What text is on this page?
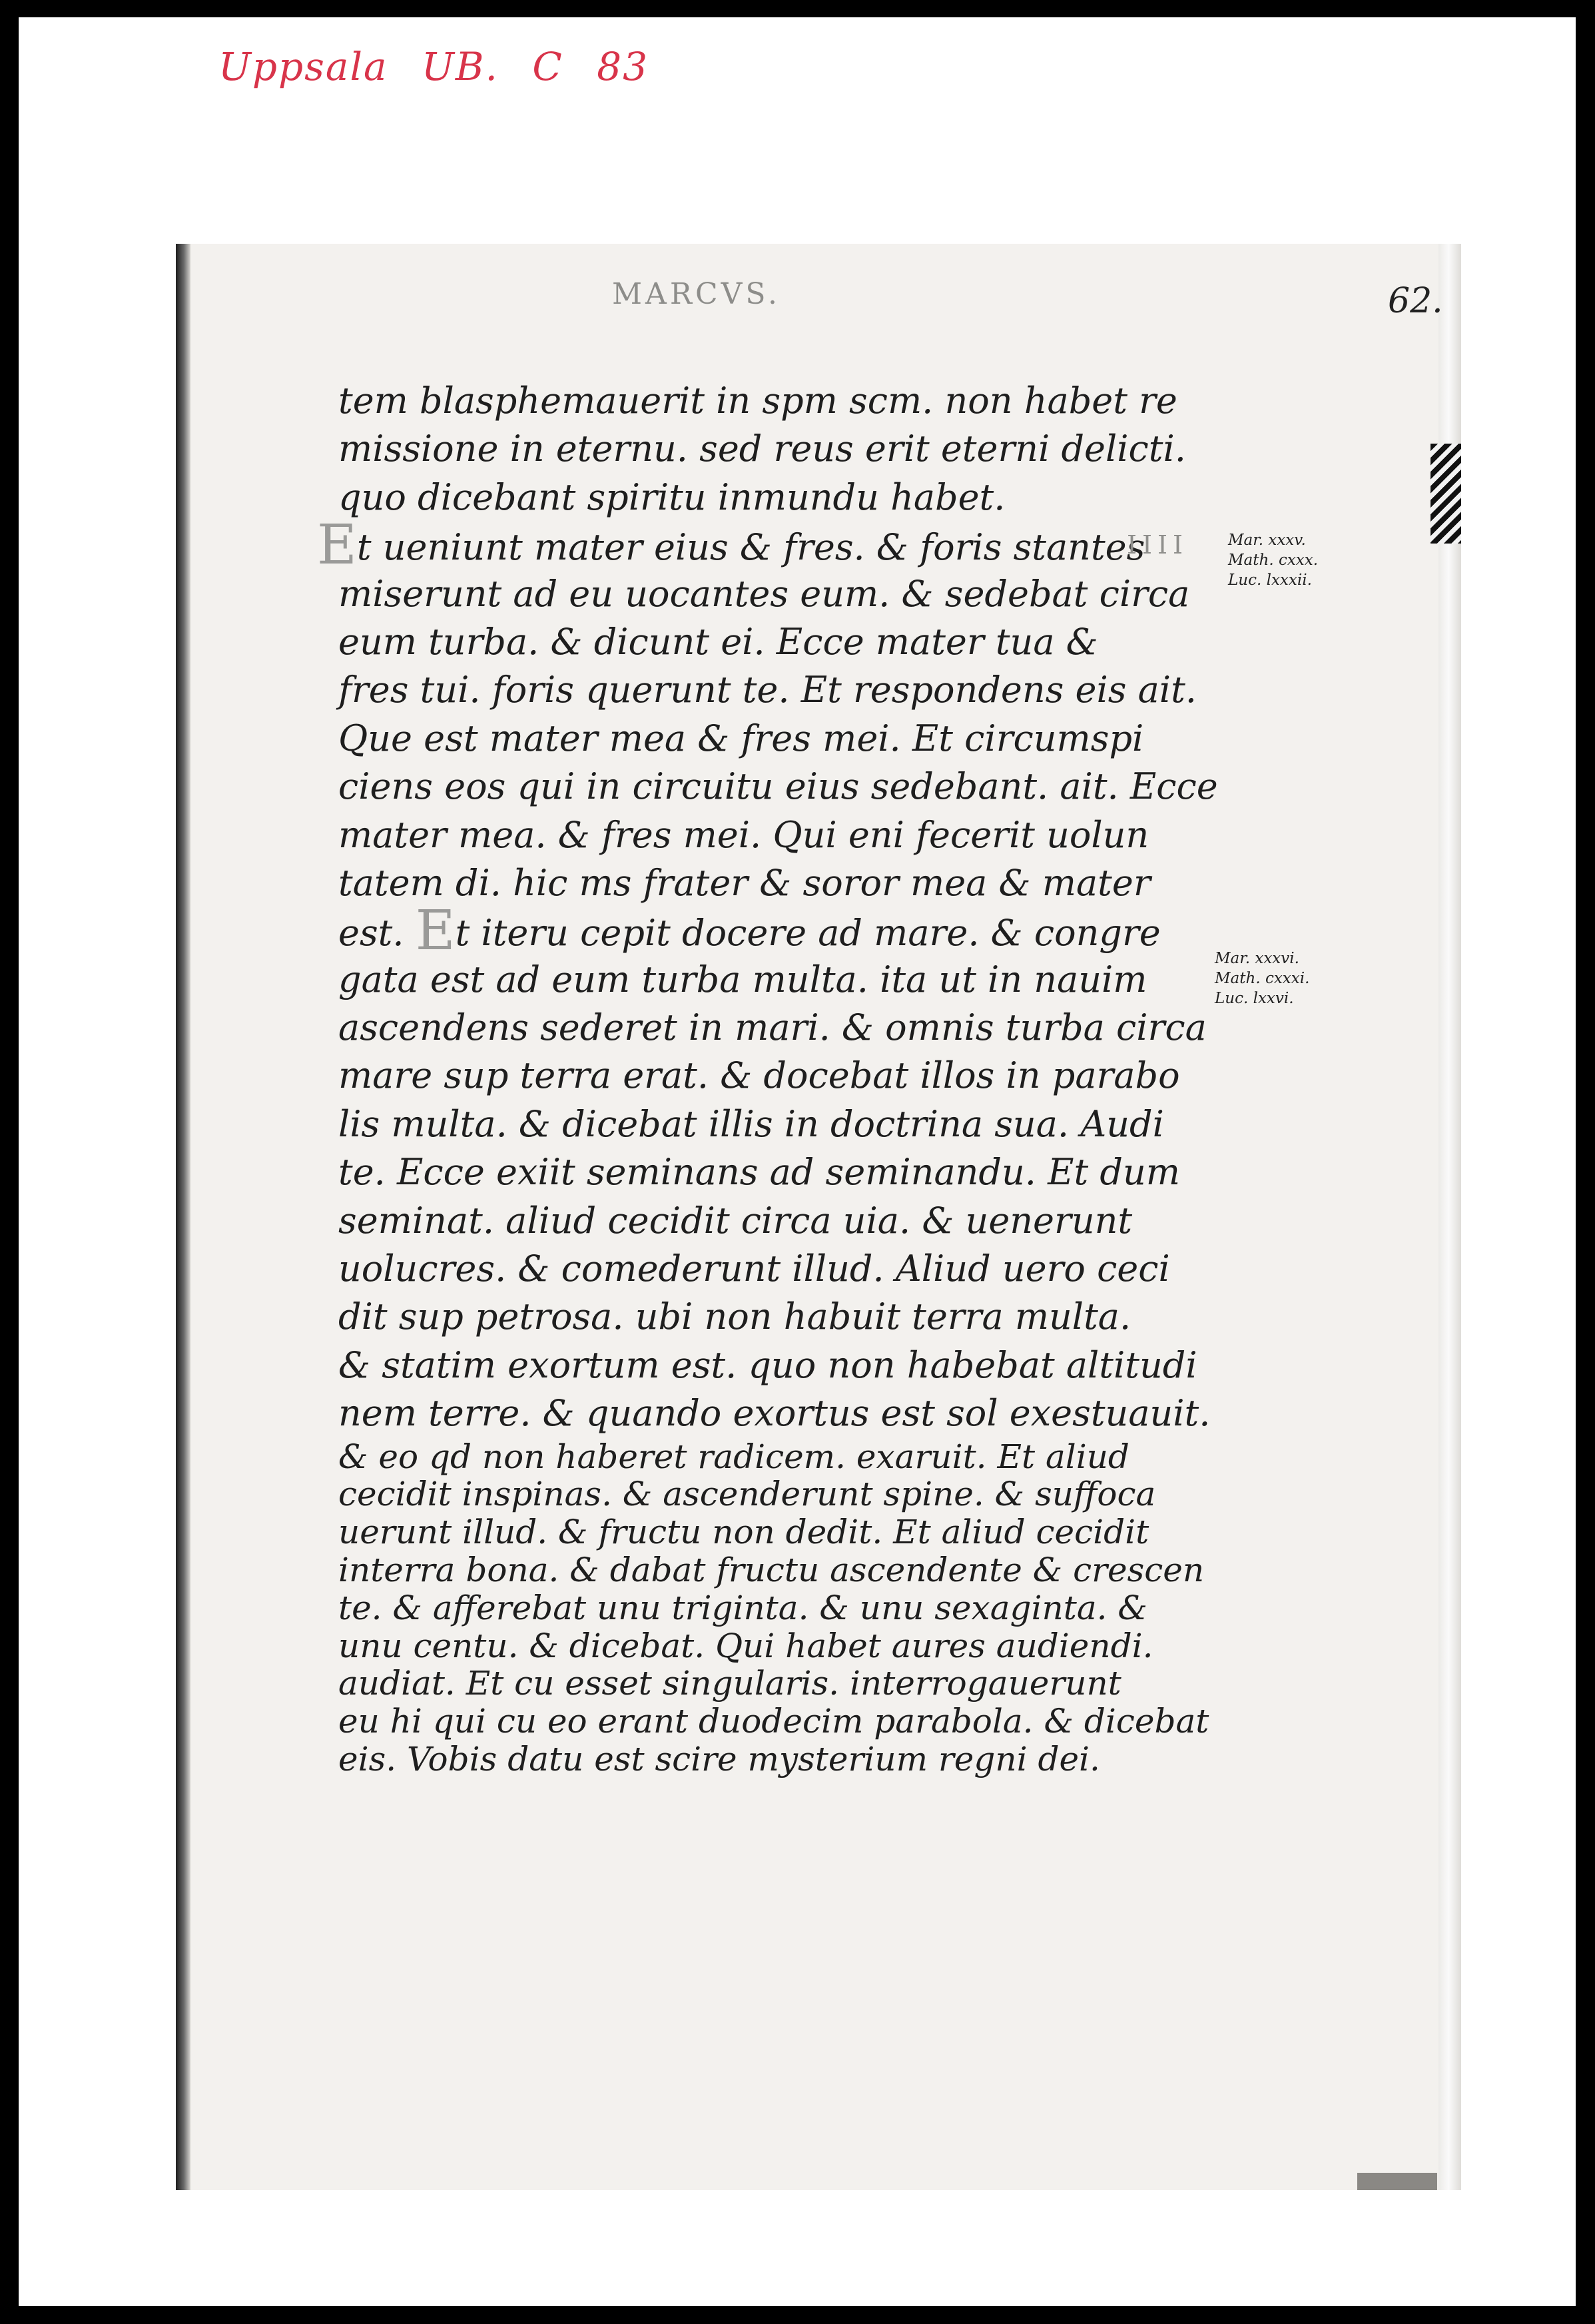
Uppsala UB. C 83
MARCVS.	62.
tem blasphemauerit in spm scm. non habet re
missione in eternu. sed reus erit eterni delicti.
quo dicebant spiritu inmundu habet.
Et ueniunt mater eius & fres. & foris stantes
miserunt ad eu uocantes eum. & sedebat circa
eum turba. & dicunt ei. Ecce mater tua &
fres tui. foris querunt te. Et respondens eis ait.
Que est mater mea & fres mei. Et circumspi
ciens eos qui in circuitu eius sedebant. ait. Ecce
mater mea. & fres mei. Qui eni fecerit uolun
tatem di. hic ms frater & soror mea & mater
est. Et iteru cepit docere ad mare. & congre
gata est ad eum turba multa. ita ut in nauim
ascendens sederet in mari. & omnis turba circa
mare sup terra erat. & docebat illos in parabo
lis multa. & dicebat illis in doctrina sua. Audi
te. Ecce exiit seminans ad seminandu. Et dum
seminat. aliud cecidit circa uia. & uenerunt
uolucres. & comederunt illud. Aliud uero ceci
dit sup petrosa. ubi non habuit terra multa.
& statim exortum est. quo non habebat altitudi
nem terre. & quando exortus est sol exestuauit.
& eo qd non haberet radicem. exaruit. Et aliud
cecidit inspinas. & ascenderunt spine. & suffoca
uerunt illud. & fructu non dedit. Et aliud cecidit
interra bona. & dabat fructu ascendente & crescen
te. & afferebat unu triginta. & unu sexaginta. &
unu centu. & dicebat. Qui habet aures audiendi.
audiat. Et cu esset singularis. interrogauerunt
eu hi qui cu eo erant duodecim parabola. & dicebat
eis. Vobis datu est scire mysterium regni dei.
IIII	Mar. xxxv.
Math. cxxx.
Luc. lxxxii.
Mar. xxxvi.
Math. cxxxi.
Luc. lxxvi.
